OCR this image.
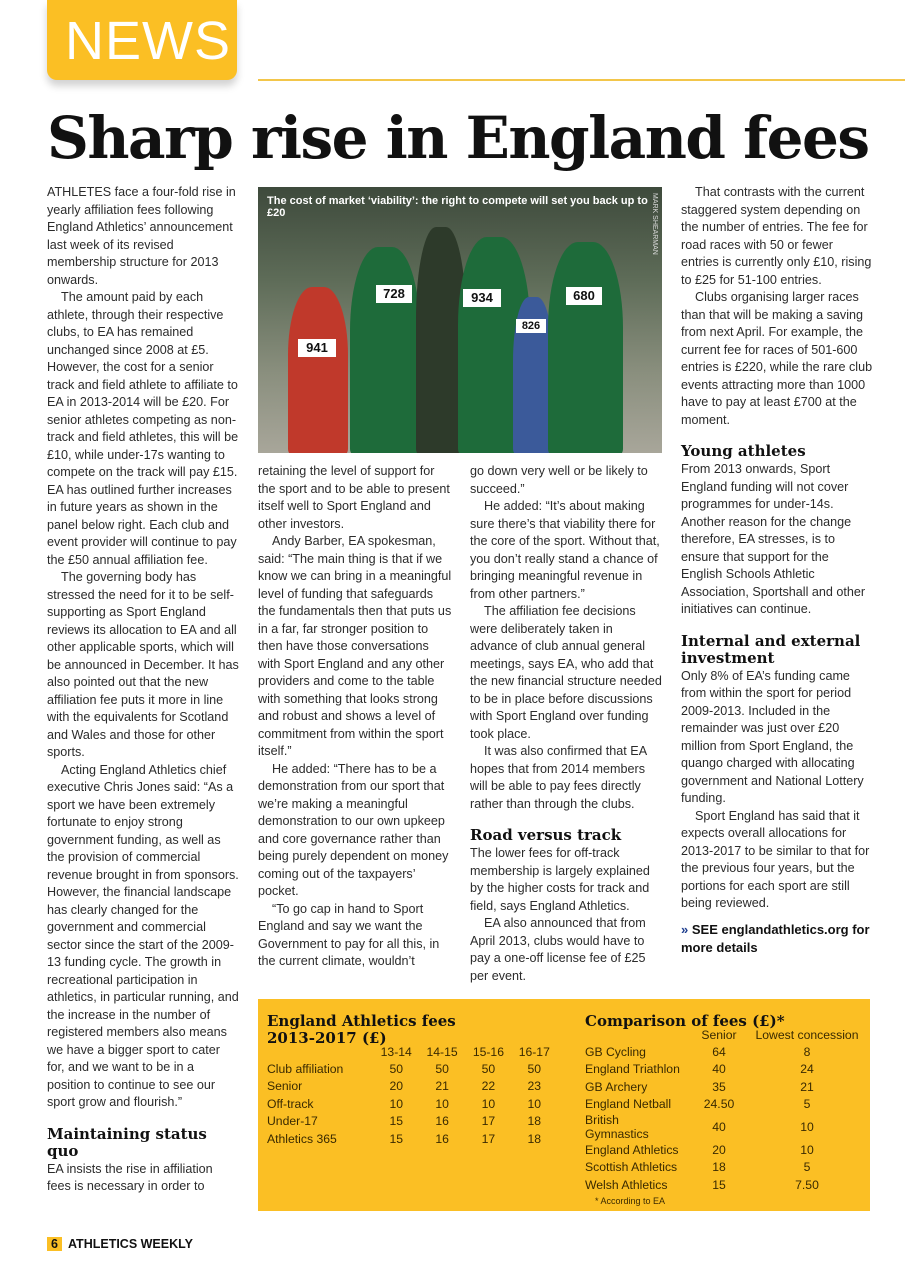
NEWS
Sharp rise in England fees

ATHLETES face a four-fold rise in yearly affiliation fees following England Athletics’ announcement last week of its revised membership structure for 2013 onwards.

The amount paid by each athlete, through their respective clubs, to EA has remained unchanged since 2008 at £5. However, the cost for a senior track and field athlete to affiliate to EA in 2013-2014 will be £20. For senior athletes competing as non-track and field athletes, this will be £10, while under-17s wanting to compete on the track will pay £15. EA has outlined further increases in future years as shown in the panel below right. Each club and event provider will continue to pay the £50 annual affiliation fee.

The governing body has stressed the need for it to be self-supporting as Sport England reviews its allocation to EA and all other applicable sports, which will be announced in December. It has also pointed out that the new affiliation fee puts it more in line with the equivalents for Scotland and Wales and those for other sports.

Acting England Athletics chief executive Chris Jones said: “As a sport we have been extremely fortunate to enjoy strong government funding, as well as the provision of commercial revenue brought in from sponsors. However, the financial landscape has clearly changed for the government and commercial sector since the start of the 2009-13 funding cycle. The growth in recreational participation in athletics, in particular running, and the increase in the number of registered members also means we have a bigger sport to cater for, and we want to be in a position to continue to see our sport grow and flourish.”

Maintaining status quo

EA insists the rise in affiliation fees is necessary in order to

941
728	934	680
826
The cost of market ‘viability’: the right to compete will set you back up to £20	MARK SHEARMAN

retaining the level of support for the sport and to be able to present itself well to Sport England and other investors.

Andy Barber, EA spokesman, said: “The main thing is that if we know we can bring in a meaningful level of funding that safeguards the fundamentals then that puts us in a far, far stronger position to then have those conversations with Sport England and any other providers and come to the table with something that looks strong and robust and shows a level of commitment from within the sport itself.”

He added: “There has to be a demonstration from our sport that we’re making a meaningful demonstration to our own upkeep and core governance rather than being purely dependent on money coming out of the taxpayers’ pocket.

“To go cap in hand to Sport England and say we want the Government to pay for all this, in the current climate, wouldn’t

go down very well or be likely to succeed.”

He added: “It’s about making sure there’s that viability there for the core of the sport. Without that, you don’t really stand a chance of bringing meaningful revenue in from other partners.”

The affiliation fee decisions were deliberately taken in advance of club annual general meetings, says EA, who add that the new financial structure needed to be in place before discussions with Sport England over funding took place.

It was also confirmed that EA hopes that from 2014 members will be able to pay fees directly rather than through the clubs.

Road versus track

The lower fees for off-track membership is largely explained by the higher costs for track and field, says England Athletics.

EA also announced that from April 2013, clubs would have to pay a one-off license fee of £25 per event.

That contrasts with the current staggered system depending on the number of entries. The fee for road races with 50 or fewer entries is currently only £10, rising to £25 for 51-100 entries.

Clubs organising larger races than that will be making a saving from next April. For example, the current fee for races of 501-600 entries is £220, while the rare club events attracting more than 1000 have to pay at least £700 at the moment.

Young athletes

From 2013 onwards, Sport England funding will not cover programmes for under-14s. Another reason for the change therefore, EA stresses, is to ensure that support for the English Schools Athletic Association, Sportshall and other initiatives can continue.

Internal and external investment

Only 8% of EA’s funding came from within the sport for period 2009-2013. Included in the remainder was just over £20 million from Sport England, the quango charged with allocating government and National Lottery funding.

Sport England has said that it expects overall allocations for 2013-2017 to be similar to that for the previous four years, but the portions for each sport are still being reviewed.

» SEE englandathletics.org for more details
England Athletics fees 2013-2017 (£)
	13-14	14-15	15-16	16-17
Club affiliation	50	50	50	50
Senior	20	21	22	23
Off-track	10	10	10	10
Under-17	15	16	17	18
Athletics 365	15	16	17	18
Comparison of fees (£)*
	Senior	Lowest concession
GB Cycling	64	8
England Triathlon	40	24
GB Archery	35	21
England Netball	24.50	5
British Gymnastics	40	10
England Athletics	20	10
Scottish Athletics	18	5
Welsh Athletics	15	7.50
* According to EA
6 ATHLETICS WEEKLY
